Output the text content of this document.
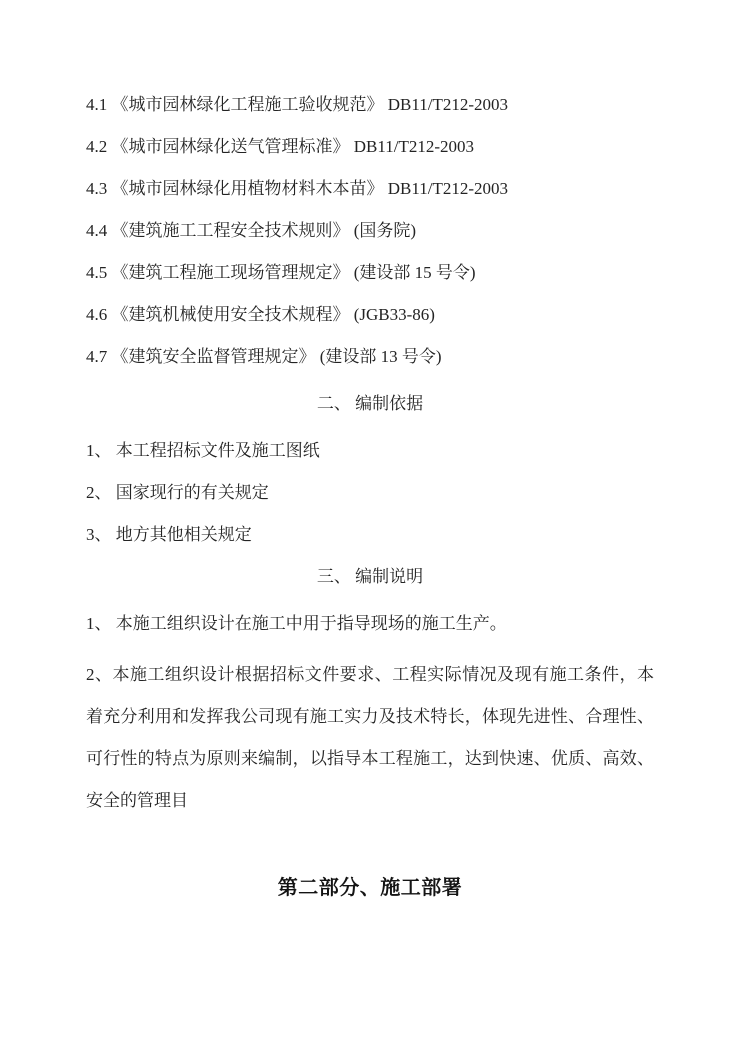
4.1 《城市园林绿化工程施工验收规范》 DB11/T212-2003

4.2 《城市园林绿化送气管理标准》 DB11/T212-2003

4.3 《城市园林绿化用植物材料木本苗》 DB11/T212-2003

4.4 《建筑施工工程安全技术规则》 (国务院)

4.5 《建筑工程施工现场管理规定》 (建设部 15 号令)

4.6 《建筑机械使用安全技术规程》 (JGB33-86)

4.7 《建筑安全监督管理规定》 (建设部 13 号令)

二、 编制依据

1、 本工程招标文件及施工图纸

2、 国家现行的有关规定

3、 地方其他相关规定

三、 编制说明

1、 本施工组织设计在施工中用于指导现场的施工生产。

2、本施工组织设计根据招标文件要求、工程实际情况及现有施工条件，本

着充分利用和发挥我公司现有施工实力及技术特长，体现先进性、合理性、

可行性的特点为原则来编制，以指导本工程施工，达到快速、优质、高效、

安全的管理目

第二部分、施工部署
